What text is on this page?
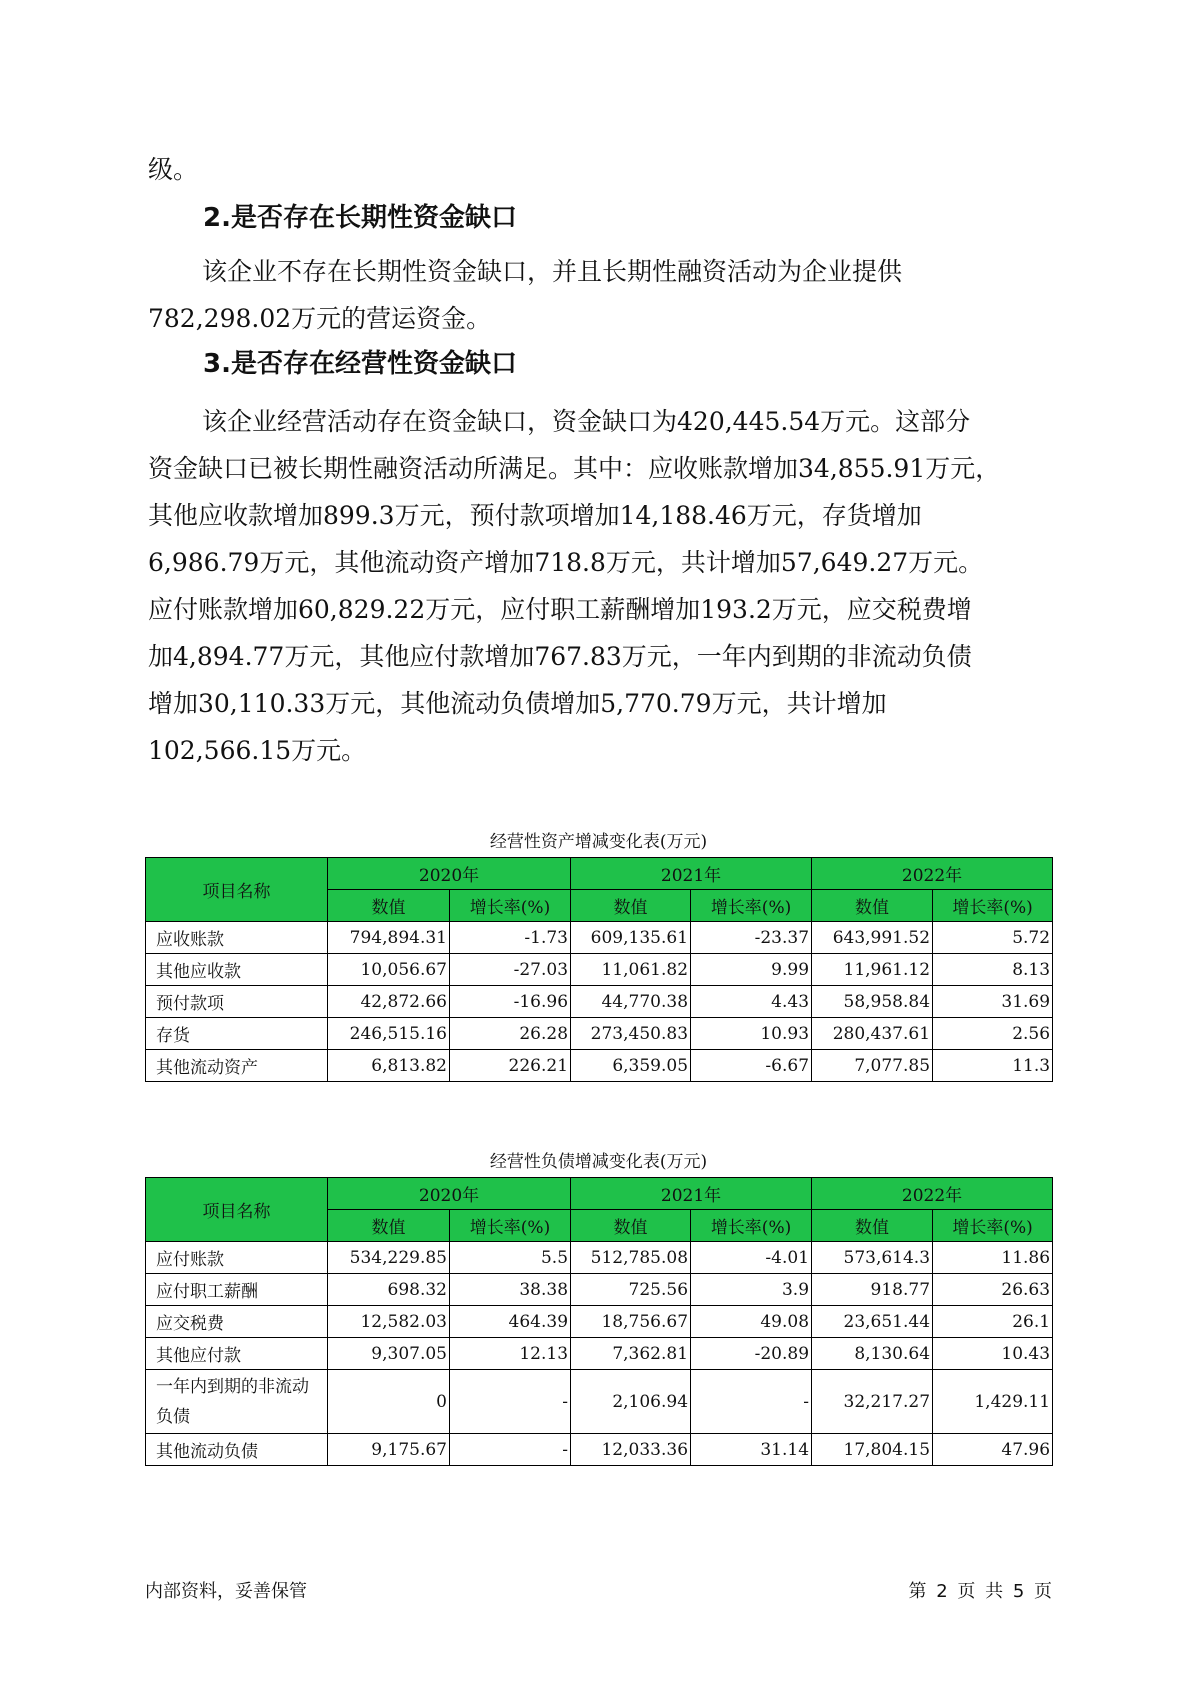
级。

2.是否存在长期性资金缺口

该企业不存在长期性资金缺口，并且长期性融资活动为企业提供
782,298.02万元的营运资金。

3.是否存在经营性资金缺口

该企业经营活动存在资金缺口，资金缺口为420,445.54万元。这部分
资金缺口已被长期性融资活动所满足。其中：应收账款增加34,855.91万元，
其他应收款增加899.3万元，预付款项增加14,188.46万元，存货增加
6,986.79万元，其他流动资产增加718.8万元，共计增加57,649.27万元。
应付账款增加60,829.22万元，应付职工薪酬增加193.2万元，应交税费增
加4,894.77万元，其他应付款增加767.83万元，一年内到期的非流动负债
增加30,110.33万元，其他流动负债增加5,770.79万元，共计增加
102,566.15万元。

经营性资产增减变化表(万元)
项目名称	2020年		2021年		2022年	
	数值	增长率(%)	数值	增长率(%)	数值	增长率(%)
应收账款	794,894.31	-1.73	609,135.61	-23.37	643,991.52	5.72
其他应收款	10,056.67	-27.03	11,061.82	9.99	11,961.12	8.13
预付款项	42,872.66	-16.96	44,770.38	4.43	58,958.84	31.69
存货	246,515.16	26.28	273,450.83	10.93	280,437.61	2.56
其他流动资产	6,813.82	226.21	6,359.05	-6.67	7,077.85	11.3
经营性负债增减变化表(万元)
项目名称	2020年		2021年		2022年	
	数值	增长率(%)	数值	增长率(%)	数值	增长率(%)
应付账款	534,229.85	5.5	512,785.08	-4.01	573,614.3	11.86
应付职工薪酬	698.32	38.38	725.56	3.9	918.77	26.63
应交税费	12,582.03	464.39	18,756.67	49.08	23,651.44	26.1
其他应付款	9,307.05	12.13	7,362.81	-20.89	8,130.64	10.43
一年内到期的非流动负债	0	-	2,106.94	-	32,217.27	1,429.11
其他流动负债	9,175.67	-	12,033.36	31.14	17,804.15	47.96
内部资料，妥善保管	第 2 页 共 5 页
